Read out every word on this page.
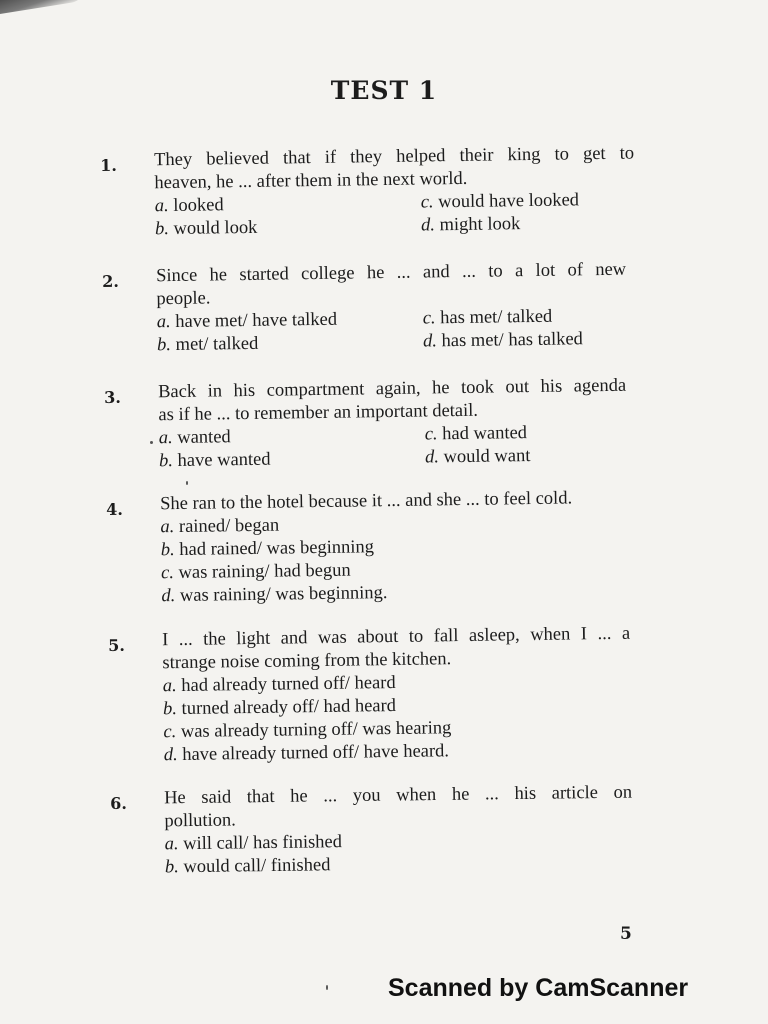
TEST 1
1.	They believed that if they helped their king to get to
heaven, he ... after them in the next world.
a. looked	c. would have looked
b. would look	d. might look
2.	Since he started college he ... and ... to a lot of new
people.
a. have met/ have talked	c. has met/ talked
b. met/ talked	d. has met/ has talked
3.	Back in his compartment again, he took out his agenda
as if he ... to remember an important detail.
a. wanted	c. had wanted
b. have wanted	d. would want
4.	She ran to the hotel because it ... and she ... to feel cold.
a. rained/ began
b. had rained/ was beginning
c. was raining/ had begun
d. was raining/ was beginning.
5.	I ... the light and was about to fall asleep, when I ... a
strange noise coming from the kitchen.
a. had already turned off/ heard
b. turned already off/ had heard
c. was already turning off/ was hearing
d. have already turned off/ have heard.
6.	He said that he ... you when he ... his article on
pollution.
a. will call/ has finished
b. would call/ finished
5
Scanned by CamScanner
